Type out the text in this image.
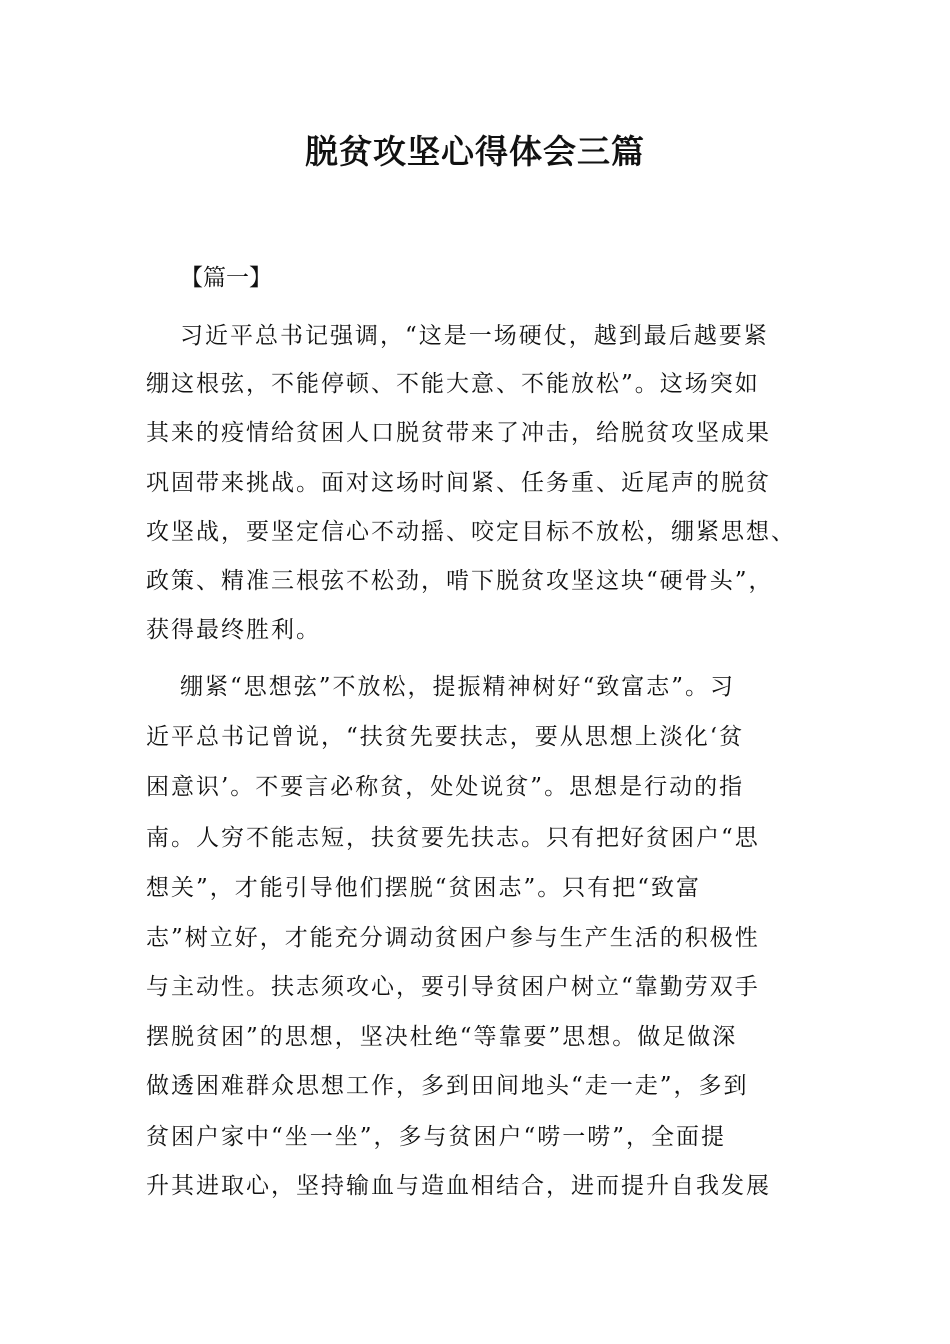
脱贫攻坚心得体会三篇
【篇一】
习近平总书记强调，“这是一场硬仗，越到最后越要紧
绷这根弦，不能停顿、不能大意、不能放松”。这场突如
其来的疫情给贫困人口脱贫带来了冲击，给脱贫攻坚成果
巩固带来挑战。面对这场时间紧、任务重、近尾声的脱贫
攻坚战，要坚定信心不动摇、咬定目标不放松，绷紧思想、
政策、精准三根弦不松劲，啃下脱贫攻坚这块“硬骨头”，
获得最终胜利。
绷紧“思想弦”不放松，提振精神树好“致富志”。习
近平总书记曾说，“扶贫先要扶志，要从思想上淡化‘贫
困意识’。不要言必称贫，处处说贫”。思想是行动的指
南。人穷不能志短，扶贫要先扶志。只有把好贫困户“思
想关”，才能引导他们摆脱“贫困志”。只有把“致富
志”树立好，才能充分调动贫困户参与生产生活的积极性
与主动性。扶志须攻心，要引导贫困户树立“靠勤劳双手
摆脱贫困”的思想，坚决杜绝“等靠要”思想。做足做深
做透困难群众思想工作，多到田间地头“走一走”，多到
贫困户家中“坐一坐”，多与贫困户“唠一唠”，全面提
升其进取心，坚持输血与造血相结合，进而提升自我发展
